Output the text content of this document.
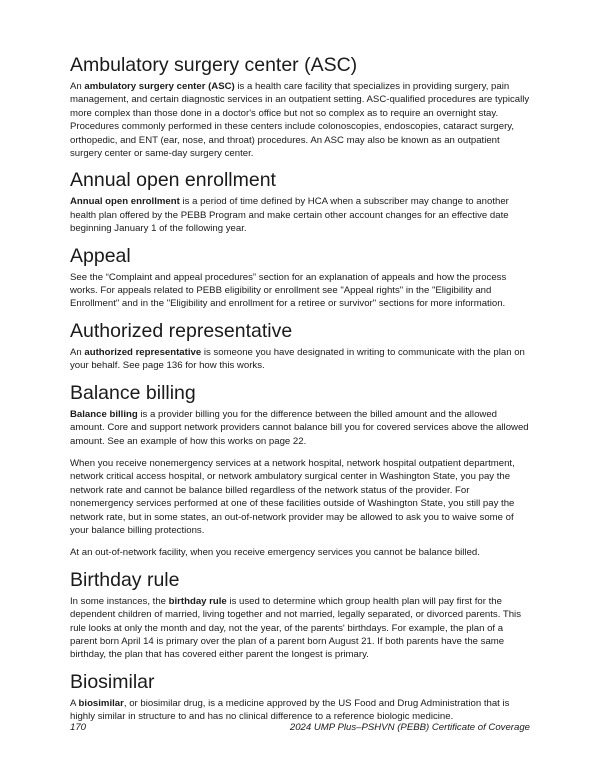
Ambulatory surgery center (ASC)

An ambulatory surgery center (ASC) is a health care facility that specializes in providing surgery, pain management, and certain diagnostic services in an outpatient setting. ASC-qualified procedures are typically more complex than those done in a doctor's office but not so complex as to require an overnight stay. Procedures commonly performed in these centers include colonoscopies, endoscopies, cataract surgery, orthopedic, and ENT (ear, nose, and throat) procedures. An ASC may also be known as an outpatient surgery center or same-day surgery center.

Annual open enrollment

Annual open enrollment is a period of time defined by HCA when a subscriber may change to another health plan offered by the PEBB Program and make certain other account changes for an effective date beginning January 1 of the following year.

Appeal

See the “Complaint and appeal procedures” section for an explanation of appeals and how the process works. For appeals related to PEBB eligibility or enrollment see "Appeal rights" in the "Eligibility and Enrollment" and in the "Eligibility and enrollment for a retiree or survivor" sections for more information.

Authorized representative

An authorized representative is someone you have designated in writing to communicate with the plan on your behalf. See page 136 for how this works.

Balance billing

Balance billing is a provider billing you for the difference between the billed amount and the allowed amount. Core and support network providers cannot balance bill you for covered services above the allowed amount. See an example of how this works on page 22.

When you receive nonemergency services at a network hospital, network hospital outpatient department, network critical access hospital, or network ambulatory surgical center in Washington State, you pay the network rate and cannot be balance billed regardless of the network status of the provider. For nonemergency services performed at one of these facilities outside of Washington State, you still pay the network rate, but in some states, an out-of-network provider may be allowed to ask you to waive some of your balance billing protections.

At an out-of-network facility, when you receive emergency services you cannot be balance billed.

Birthday rule

In some instances, the birthday rule is used to determine which group health plan will pay first for the dependent children of married, living together and not married, legally separated, or divorced parents. This rule looks at only the month and day, not the year, of the parents' birthdays. For example, the plan of a parent born April 14 is primary over the plan of a parent born August 21. If both parents have the same birthday, the plan that has covered either parent the longest is primary.

Biosimilar

A biosimilar, or biosimilar drug, is a medicine approved by the US Food and Drug Administration that is highly similar in structure to and has no clinical difference to a reference biologic medicine.

170	2024 UMP Plus–PSHVN (PEBB) Certificate of Coverage
